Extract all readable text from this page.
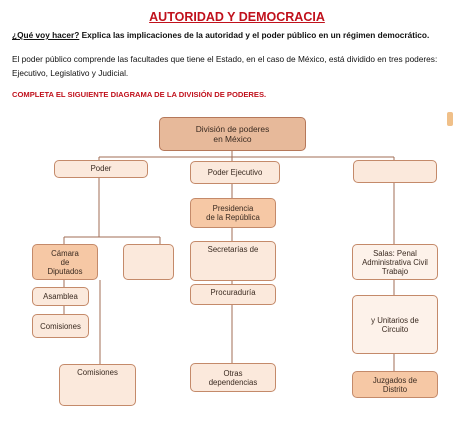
AUTORIDAD Y DEMOCRACIA
¿Qué voy hacer? Explica las implicaciones de la autoridad y el poder público en un régimen democrático.
El poder público comprende las facultades que tiene el Estado, en el caso de México, está dividido en tres poderes: Ejecutivo, Legislativo y Judicial.
COMPLETA EL SIGUIENTE DIAGRAMA DE LA DIVISIÓN DE PODERES.
División de poderes
en México
Poder	Poder Ejecutivo
Cámara
de
Diputados
Asamblea
Comisiones
Comisiones
Presidencia
de la República
Secretarías de
Procuraduría
Otras
dependencias
Salas: Penal
Administrativa Civil
Trabajo
y Unitarios de
Circuito
Juzgados de
Distrito
